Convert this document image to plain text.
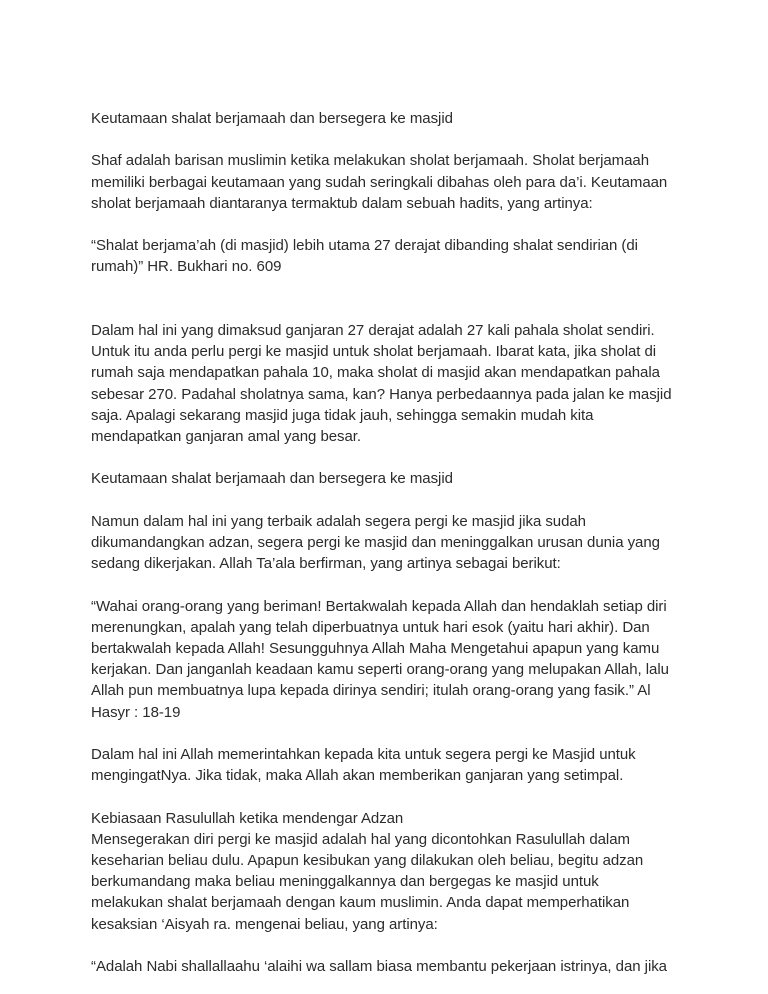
Keutamaan shalat berjamaah dan bersegera ke masjid

Shaf adalah barisan muslimin ketika melakukan sholat berjamaah. Sholat berjamaah
memiliki berbagai keutamaan yang sudah seringkali dibahas oleh para da’i. Keutamaan
sholat berjamaah diantaranya termaktub dalam sebuah hadits, yang artinya:

“Shalat berjama’ah (di masjid) lebih utama 27 derajat dibanding shalat sendirian (di
rumah)” HR. Bukhari no. 609

Dalam hal ini yang dimaksud ganjaran 27 derajat adalah 27 kali pahala sholat sendiri.
Untuk itu anda perlu pergi ke masjid untuk sholat berjamaah. Ibarat kata, jika sholat di
rumah saja mendapatkan pahala 10, maka sholat di masjid akan mendapatkan pahala
sebesar 270. Padahal sholatnya sama, kan? Hanya perbedaannya pada jalan ke masjid
saja. Apalagi sekarang masjid juga tidak jauh, sehingga semakin mudah kita
mendapatkan ganjaran amal yang besar.

Keutamaan shalat berjamaah dan bersegera ke masjid

Namun dalam hal ini yang terbaik adalah segera pergi ke masjid jika sudah
dikumandangkan adzan, segera pergi ke masjid dan meninggalkan urusan dunia yang
sedang dikerjakan. Allah Ta’ala berfirman, yang artinya sebagai berikut:

“Wahai orang-orang yang beriman! Bertakwalah kepada Allah dan hendaklah setiap diri
merenungkan, apalah yang telah diperbuatnya untuk hari esok (yaitu hari akhir). Dan
bertakwalah kepada Allah! Sesungguhnya Allah Maha Mengetahui apapun yang kamu
kerjakan. Dan janganlah keadaan kamu seperti orang-orang yang melupakan Allah, lalu
Allah pun membuatnya lupa kepada dirinya sendiri; itulah orang-orang yang fasik.” Al
Hasyr : 18-19

Dalam hal ini Allah memerintahkan kepada kita untuk segera pergi ke Masjid untuk
mengingatNya. Jika tidak, maka Allah akan memberikan ganjaran yang setimpal.

Kebiasaan Rasulullah ketika mendengar Adzan

Mensegerakan diri pergi ke masjid adalah hal yang dicontohkan Rasulullah dalam
keseharian beliau dulu. Apapun kesibukan yang dilakukan oleh beliau, begitu adzan
berkumandang maka beliau meninggalkannya dan bergegas ke masjid untuk
melakukan shalat berjamaah dengan kaum muslimin. Anda dapat memperhatikan
kesaksian ‘Aisyah ra. mengenai beliau, yang artinya:

“Adalah Nabi shallallaahu ‘alaihi wa sallam biasa membantu pekerjaan istrinya, dan jika
